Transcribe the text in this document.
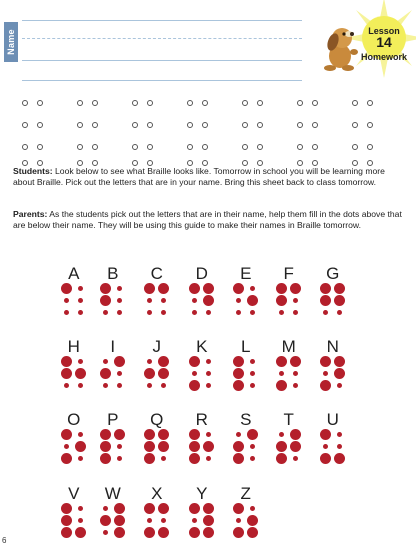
Name	Lesson
14
Homework

Students: Look below to see what Braille looks like. Tomorrow in school you will be learning more about Braille. Pick out the letters that are in your name. Bring this sheet back to class tomorrow.

Parents: As the students pick out the letters that are in their name, help them fill in the dots above that are below their name. They will be using this guide to make their names in Braille tomorrow.

A	B	C	D	E	F	G
H	I	J	K	L	M	N
O	P	Q	R	S	T	U
V	W	X	Y	Z
6
